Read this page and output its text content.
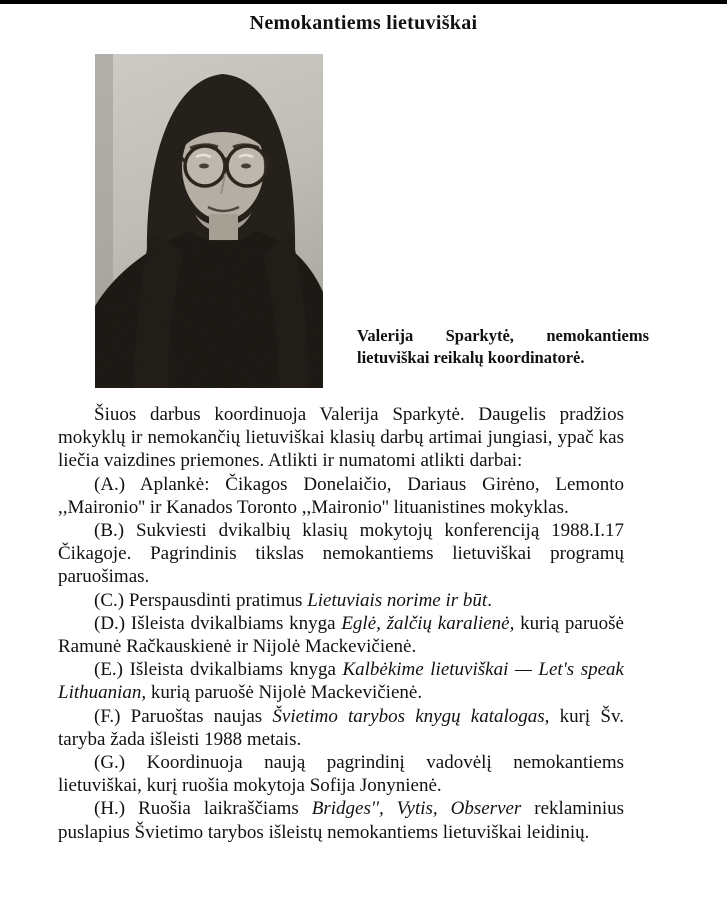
Nemokantiems lietuviškai
Valerija Sparkytė, nemokantiems lietuviškai reikalų koordinatorė.

Šiuos darbus koordinuoja Valerija Sparkytė. Daugelis pradžios mokyklų ir nemokančių lietuviškai klasių darbų artimai jungiasi, ypač kas liečia vaizdines priemones. Atlikti ir numatomi atlikti darbai:

(A.) Aplankė: Čikagos Donelaičio, Dariaus Girėno, Lemonto ,,Maironio'' ir Kanados Toronto ,,Maironio'' lituanistines mokyklas.

(B.) Sukviesti dvikalbių klasių mokytojų konferenciją 1988.I.17 Čikagoje. Pagrindinis tikslas nemokantiems lietuviškai programų paruošimas.

(C.) Perspausdinti pratimus Lietuviais norime ir būt.

(D.) Išleista dvikalbiams knyga Eglė, žalčių karalienė, kurią paruošė Ramunė Račkauskienė ir Nijolė Mackevičienė.

(E.) Išleista dvikalbiams knyga Kalbėkime lietuviškai — Let's speak Lithuanian, kurią paruošė Nijolė Mackevičienė.

(F.) Paruoštas naujas Švietimo tarybos knygų katalogas, kurį Šv. taryba žada išleisti 1988 metais.

(G.) Koordinuoja naują pagrindinį vadovėlį nemokantiems lietuviškai, kurį ruošia mokytoja Sofija Jonynienė.

(H.) Ruošia laikraščiams Bridges'', Vytis, Observer reklaminius puslapius Švietimo tarybos išleistų nemokantiems lietuviškai leidinių.
